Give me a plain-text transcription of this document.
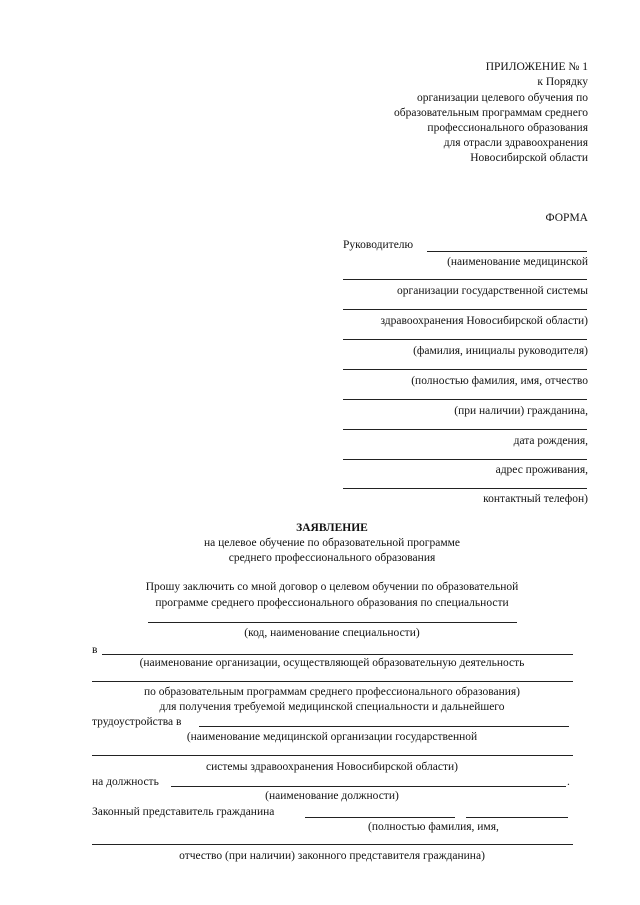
ПРИЛОЖЕНИЕ № 1
к Порядку
организации целевого обучения по
образовательным программам среднего
профессионального образования
для отрасли здравоохранения
Новосибирской области
ФОРМА
Руководителю
(наименование медицинской
организации государственной системы
здравоохранения Новосибирской области)
(фамилия, инициалы руководителя)
(полностью фамилия, имя, отчество
(при наличии) гражданина,
дата рождения,
адрес проживания,
контактный телефон)
ЗАЯВЛЕНИЕ
на целевое обучение по образовательной программе
среднего профессионального образования
Прошу заключить со мной договор о целевом обучении по образовательной
программе среднего профессионального образования по специальности
(код, наименование специальности)
в
(наименование организации, осуществляющей образовательную деятельность
по образовательным программам среднего профессионального образования)
для получения требуемой медицинской специальности и дальнейшего
трудоустройства в
(наименование медицинской организации государственной
системы здравоохранения Новосибирской области)
на должность	.
(наименование должности)
Законный представитель гражданина
(полностью фамилия, имя,
отчество (при наличии) законного представителя гражданина)
